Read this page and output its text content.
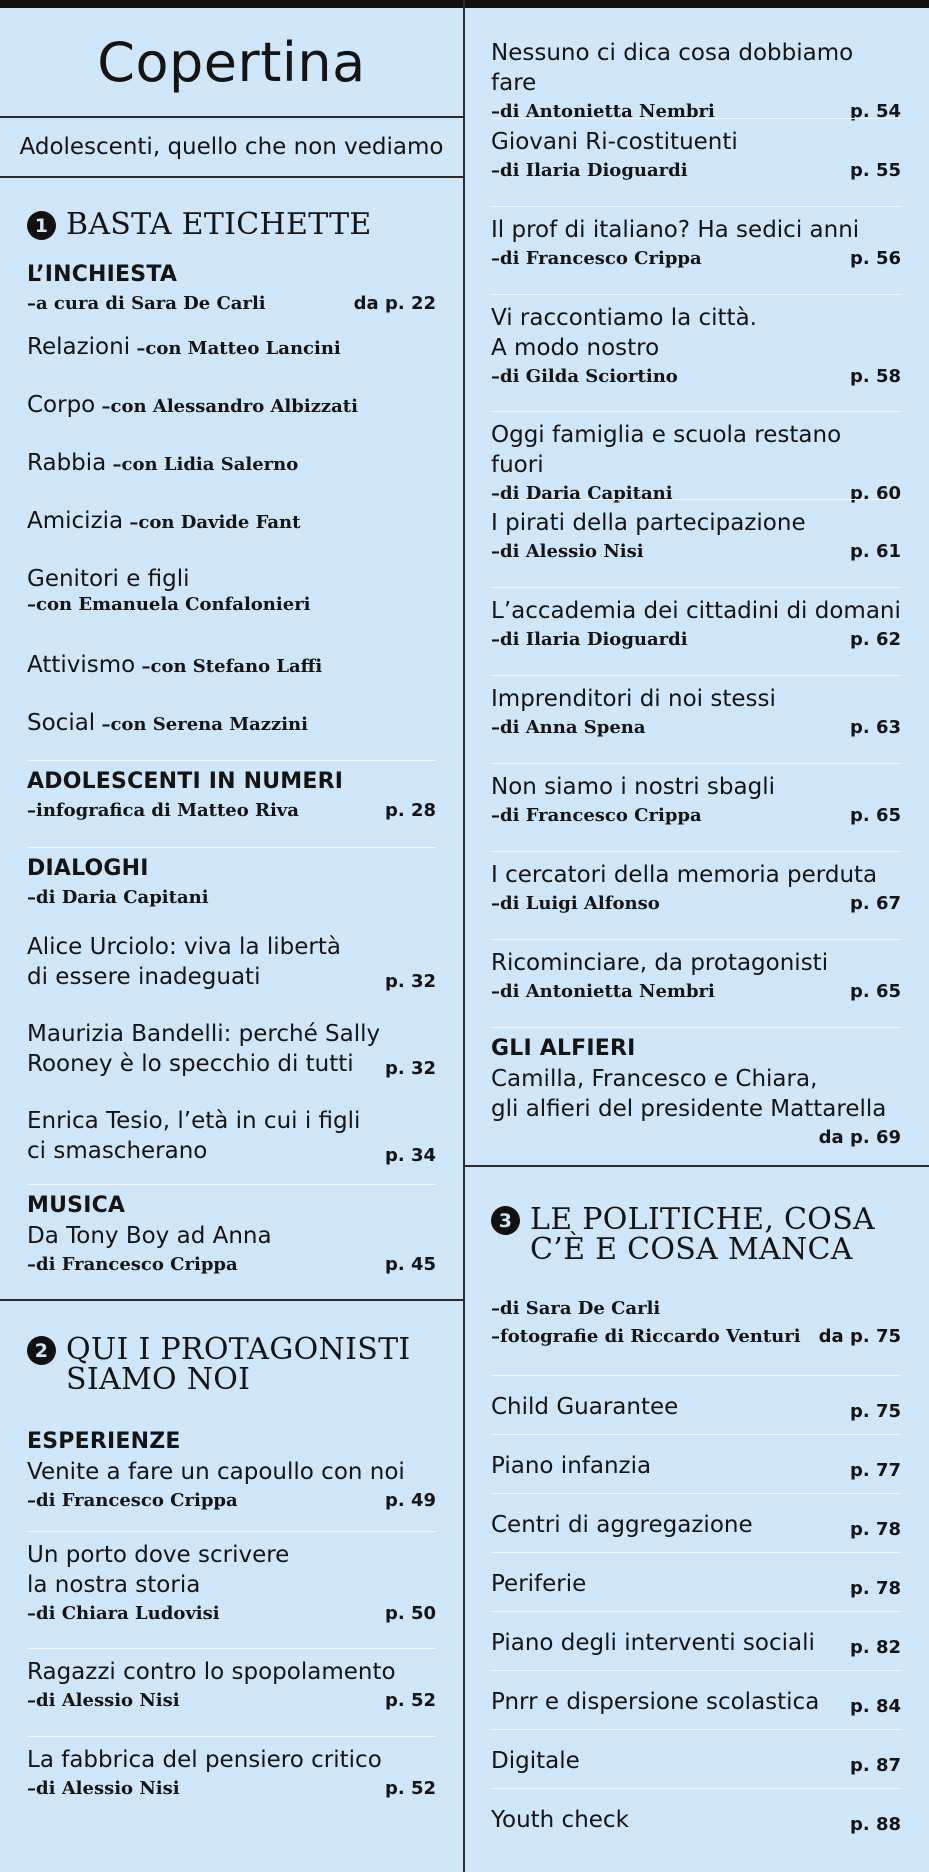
Copertina
Adolescenti, quello che non vediamo
1 BASTA ETICHETTE
L’INCHIESTA
–a cura di Sara De Carli	da p. 22
Relazioni –con Matteo Lancini
Corpo –con Alessandro Albizzati
Rabbia –con Lidia Salerno
Amicizia –con Davide Fant
Genitori e figli
–con Emanuela Confalonieri
Attivismo –con Stefano Laffi
Social –con Serena Mazzini
ADOLESCENTI IN NUMERI
–infografica di Matteo Riva	p. 28
DIALOGHI
–di Daria Capitani
Alice Urciolo: viva la libertà
di essere inadeguati	p. 32
Maurizia Bandelli: perché Sally
Rooney è lo specchio di tutti p. 32
Enrica Tesio, l’età in cui i figli
ci smascherano	p. 34
MUSICA
Da Tony Boy ad Anna
–di Francesco Crippa	p. 45
2 QUI I PROTAGONISTI
SIAMO NOI
ESPERIENZE
Venite a fare un capoullo con noi
–di Francesco Crippa	p. 49
Un porto dove scrivere
la nostra storia
–di Chiara Ludovisi	p. 50
Ragazzi contro lo spopolamento
–di Alessio Nisi	p. 52
La fabbrica del pensiero critico
–di Alessio Nisi	p. 52
Nessuno ci dica cosa dobbiamo fare
–di Antonietta Nembri	p. 54
Giovani Ri-costituenti
–di Ilaria Dioguardi	p. 55
Il prof di italiano? Ha sedici anni
–di Francesco Crippa	p. 56
Vi raccontiamo la città.
A modo nostro
–di Gilda Sciortino	p. 58
Oggi famiglia e scuola restano fuori
–di Daria Capitani	p. 60
I pirati della partecipazione
–di Alessio Nisi	p. 61
L’accademia dei cittadini di domani
–di Ilaria Dioguardi	p. 62
Imprenditori di noi stessi
–di Anna Spena	p. 63
Non siamo i nostri sbagli
–di Francesco Crippa	p. 65
I cercatori della memoria perduta
–di Luigi Alfonso	p. 67
Ricominciare, da protagonisti
–di Antonietta Nembri	p. 65
GLI ALFIERI
Camilla, Francesco e Chiara,
gli alfieri del presidente Mattarella
da p. 69
3 LE POLITICHE, COSA
C’È E COSA MANCA
–di Sara De Carli
–fotografie di Riccardo Venturi da p. 75
Child Guarantee	p. 75
Piano infanzia	p. 77
Centri di aggregazione	p. 78
Periferie	p. 78
Piano degli interventi sociali p. 82
Pnrr e dispersione scolastica p. 84
Digitale	p. 87
Youth check	p. 88
